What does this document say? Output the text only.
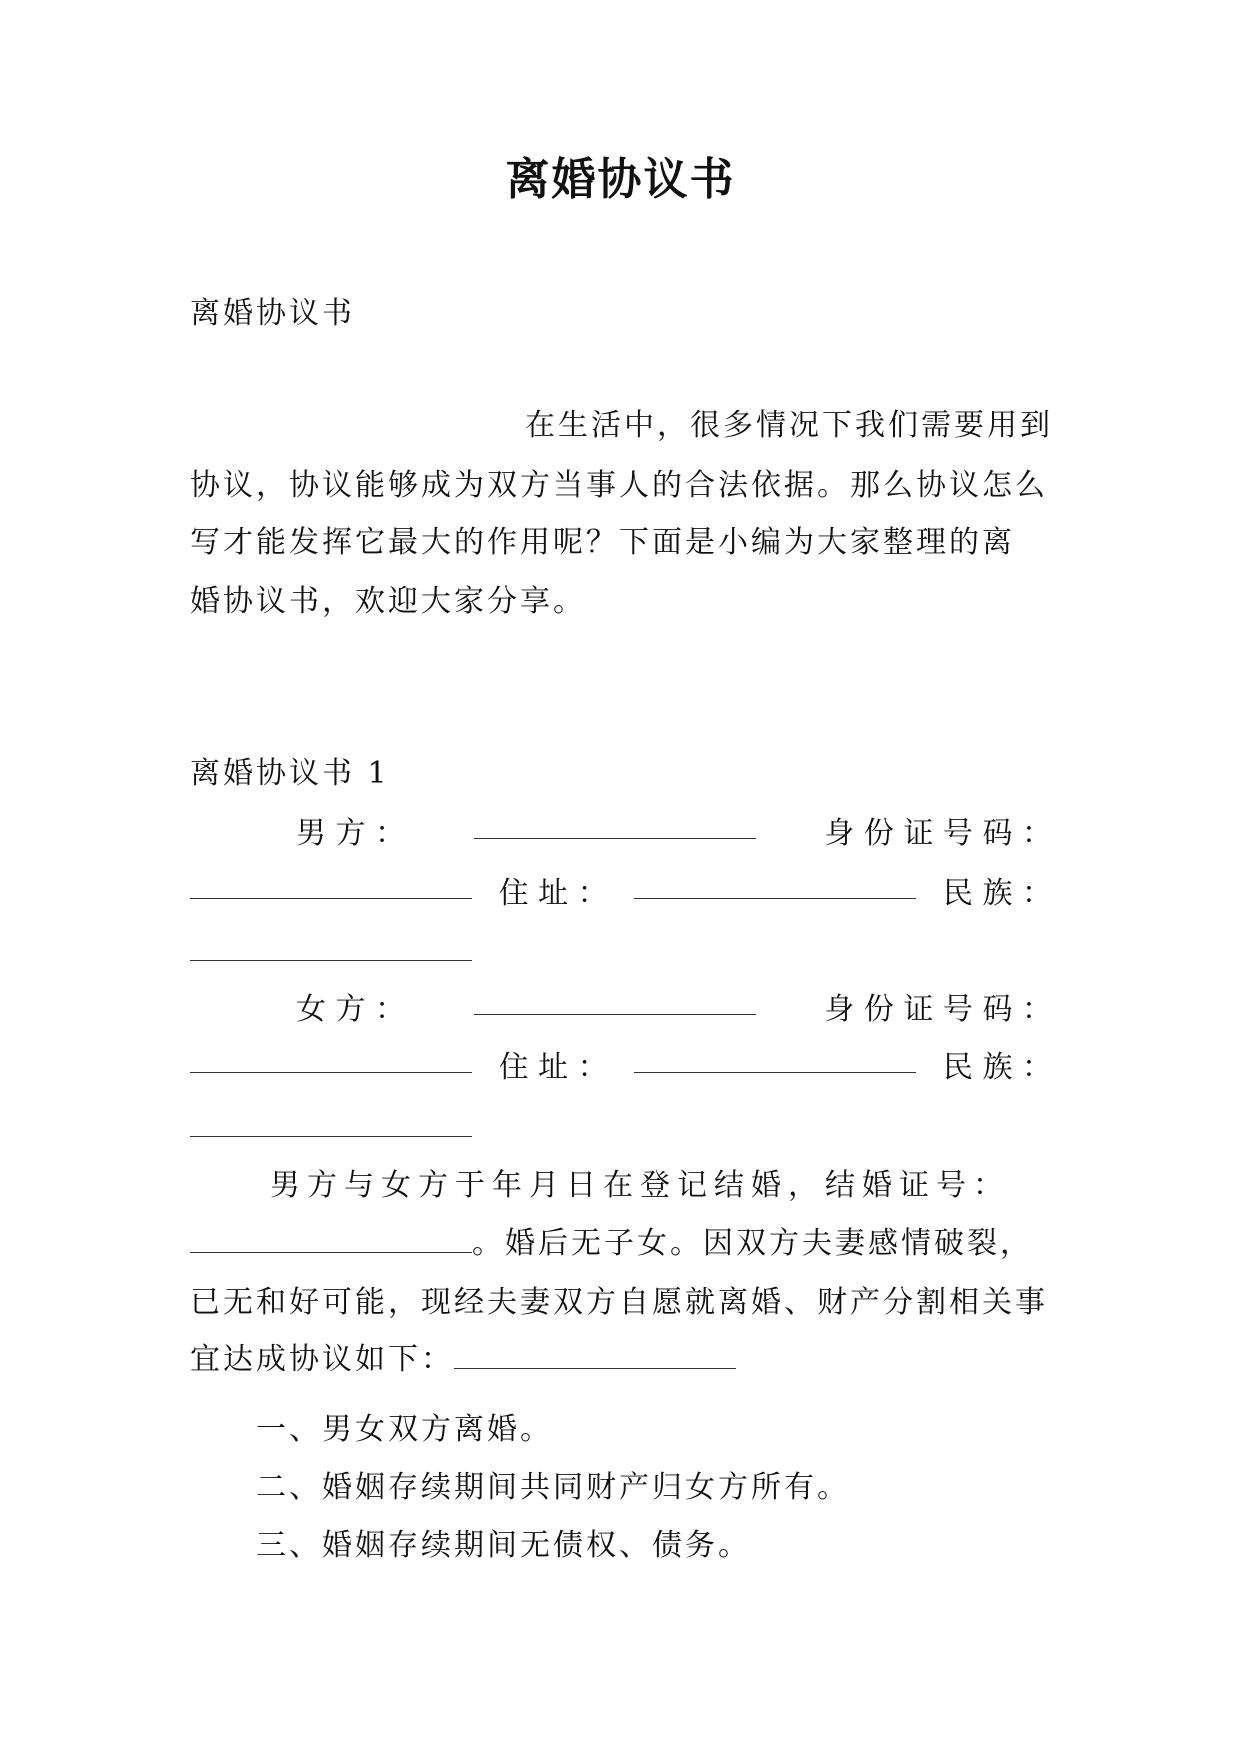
离婚协议书
离婚协议书
在生活中，很多情况下我们需要用到
协议，协议能够成为双方当事人的合法依据。那么协议怎么
写才能发挥它最大的作用呢？下面是小编为大家整理的离
婚协议书，欢迎大家分享。
离婚协议书 1
男 方 ：	身 份 证 号 码 ：
住 址 ：	民 族 ：
女 方 ：	身 份 证 号 码 ：
住 址 ：	民 族 ：
男方与女方于年月日在登记结婚，结婚证号：
。婚后无子女。因双方夫妻感情破裂，
已无和好可能，现经夫妻双方自愿就离婚、财产分割相关事
宜达成协议如下：
一、男女双方离婚。
二、婚姻存续期间共同财产归女方所有。
三、婚姻存续期间无债权、债务。
